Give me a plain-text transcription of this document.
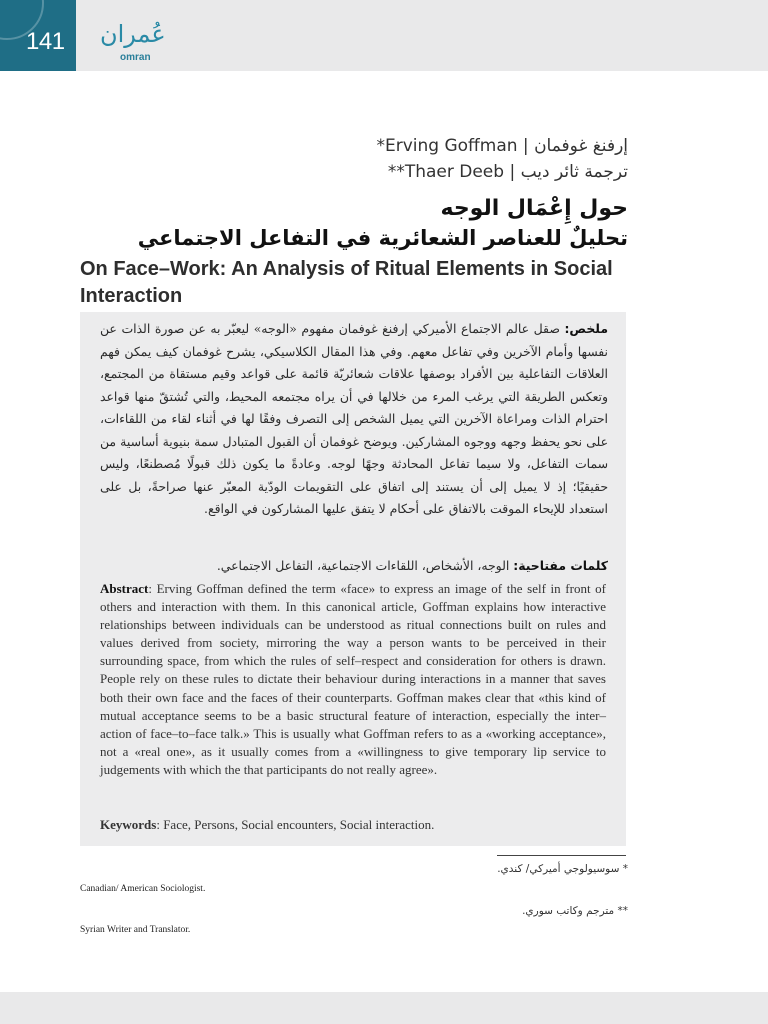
141 عُمران
omran
إرفنغ غوفمان | Erving Goffman*
ترجمة ثائر ديب | Thaer Deeb**
حول إِعْمَال الوجه
تحليلٌ للعناصر الشعائرية في التفاعل الاجتماعي
On Face–Work: An Analysis of Ritual Elements in Social Interaction
ملخص: صقل عالم الاجتماع الأميركي إرفنغ غوفمان مفهوم «الوجه» ليعبّر به عن صورة الذات عن نفسها وأمام الآخرين وفي تفاعل معهم. وفي هذا المقال الكلاسيكي، يشرح غوفمان كيف يمكن فهم العلاقات التفاعلية بين الأفراد بوصفها علاقات شعائريّة قائمة على قواعد وقيم مستقاة من المجتمع، وتعكس الطريقة التي يرغب المرء من خلالها في أن يراه مجتمعه المحيط، والتي تُشتقّ منها قواعد احترام الذات ومراعاة الآخرين التي يميل الشخص إلى التصرف وفقًا لها في أثناء لقاء من اللقاءات، على نحو يحفظ وجهه ووجوه المشاركين. ويوضح غوفمان أن القبول المتبادل سمة بنيوية أساسية من سمات التفاعل، ولا سيما تفاعل المحادثة وجهًا لوجه. وعادةً ما يكون ذلك قبولًا مُصطنعًا، وليس حقيقيًا؛ إذ لا يميل إلى أن يستند إلى اتفاق على التقويمات الودّية المعبّر عنها صراحةً، بل على استعداد للإيحاء الموقت بالاتفاق على أحكام لا يتفق عليها المشاركون في الواقع.
كلمات مفتاحية: الوجه، الأشخاص، اللقاءات الاجتماعية، التفاعل الاجتماعي.
Abstract: Erving Goffman defined the term «face» to express an image of the self in front of others and interaction with them. In this canonical article, Goffman explains how interactive relationships between individuals can be understood as ritual connections built on rules and values derived from society, mirroring the way a person wants to be perceived in their surrounding space, from which the rules of self–respect and consideration for others is drawn. People rely on these rules to dictate their behaviour during interactions in a manner that saves both their own face and the faces of their counterparts. Goffman makes clear that «this kind of mutual acceptance seems to be a basic structural feature of interaction, especially the inter–action of face–to–face talk.» This is usually what Goffman refers to as a «working acceptance», not a «real one», as it usually comes from a «willingness to give temporary lip service to judgements with which the that participants do not really agree».
Keywords: Face, Persons, Social encounters, Social interaction.
* سوسيولوجي أميركي/ كندي.
Canadian/ American Sociologist.
** مترجم وكاتب سوري.
Syrian Writer and Translator.
